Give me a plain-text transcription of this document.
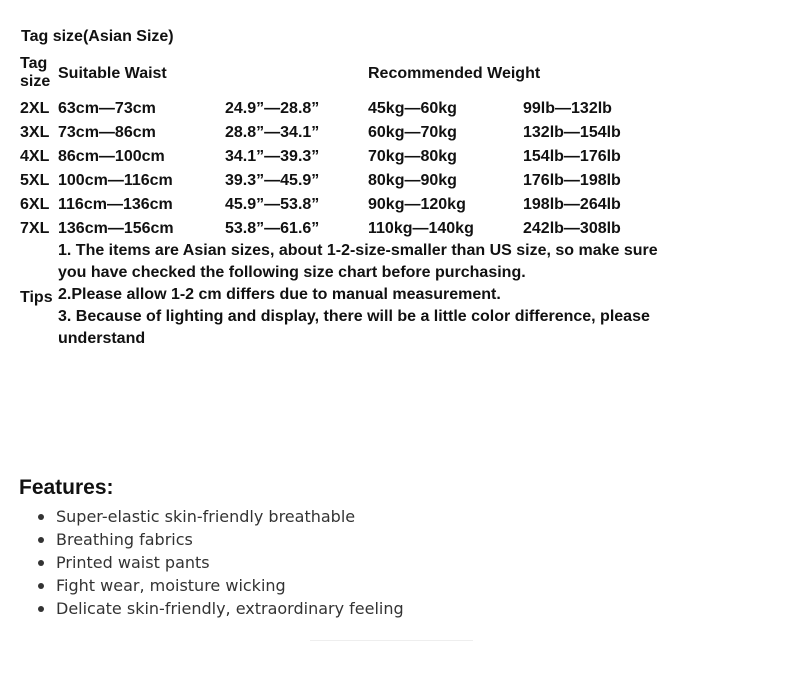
Tag size(Asian Size)				
Tag size	Suitable Waist		Recommended Weight	
2XL	63cm—73cm	24.9”—28.8”	45kg—60kg	99lb—132lb
3XL	73cm—86cm	28.8”—34.1”	60kg—70kg	132lb—154lb
4XL	86cm—100cm	34.1”—39.3”	70kg—80kg	154lb—176lb
5XL	100cm—116cm	39.3”—45.9”	80kg—90kg	176lb—198lb
6XL	116cm—136cm	45.9”—53.8”	90kg—120kg	198lb—264lb
7XL	136cm—156cm	53.8”—61.6”	110kg—140kg	242lb—308lb
Tips	1. The items are Asian sizes, about 1-2-size-smaller than US size, so make sure you have checked the following size chart before purchasing.
2.Please allow 1-2 cm differs due to manual measurement.
3. Because of lighting and display, there will be a little color difference, please understand			
Features:
Super-elastic skin-friendly breathable
Breathing fabrics
Printed waist pants
Fight wear, moisture wicking
Delicate skin-friendly, extraordinary feeling
